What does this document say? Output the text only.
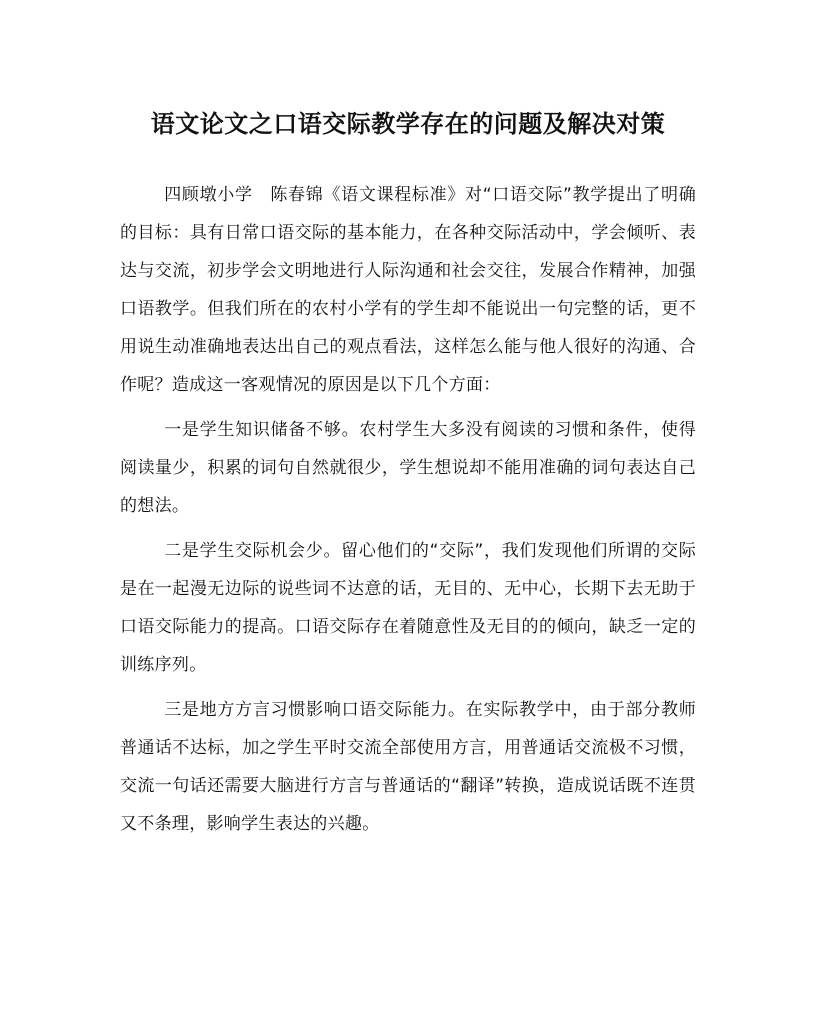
语文论文之口语交际教学存在的问题及解决对策

四顾墩小学　陈春锦《语文课程标准》对“口语交际”教学提出了明确的目标：具有日常口语交际的基本能力，在各种交际活动中，学会倾听、表达与交流，初步学会文明地进行人际沟通和社会交往，发展合作精神，加强口语教学。但我们所在的农村小学有的学生却不能说出一句完整的话，更不用说生动准确地表达出自己的观点看法，这样怎么能与他人很好的沟通、合作呢？造成这一客观情况的原因是以下几个方面：

一是学生知识储备不够。农村学生大多没有阅读的习惯和条件，使得阅读量少，积累的词句自然就很少，学生想说却不能用准确的词句表达自己的想法。

二是学生交际机会少。留心他们的“交际”，我们发现他们所谓的交际是在一起漫无边际的说些词不达意的话，无目的、无中心，长期下去无助于口语交际能力的提高。口语交际存在着随意性及无目的的倾向，缺乏一定的训练序列。

三是地方方言习惯影响口语交际能力。在实际教学中，由于部分教师普通话不达标，加之学生平时交流全部使用方言，用普通话交流极不习惯，交流一句话还需要大脑进行方言与普通话的“翻译”转换，造成说话既不连贯又不条理，影响学生表达的兴趣。
